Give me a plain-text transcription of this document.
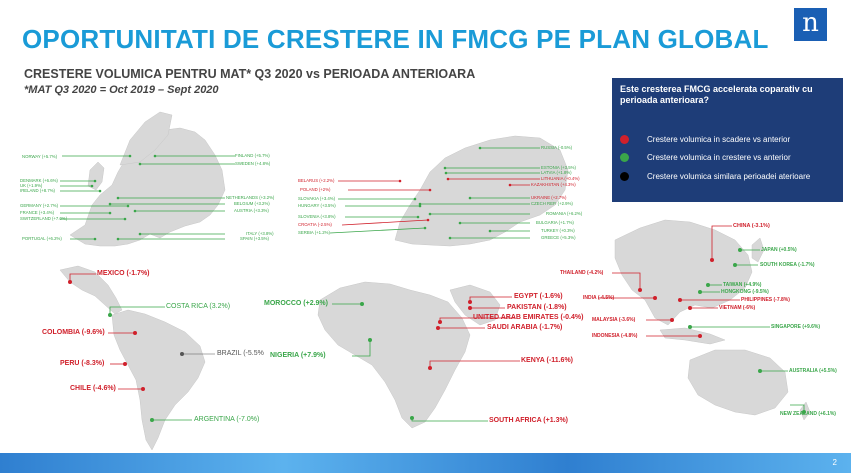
OPORTUNITATI DE CRESTERE IN FMCG PE PLAN GLOBAL
CRESTERE VOLUMICA PENTRU MAT* Q3 2020 vs PERIOADA ANTERIOARA
*MAT Q3 2020 = Oct 2019 – Sept 2020
n
Este cresterea FMCG accelerata coparativ cu perioada anterioara?
Crestere volumica in scadere vs anterior
Crestere volumica in crestere vs anterior
Crestere volumica similara perioadei aterioare
NORWAY (+5.7%)	FINLAND (+5.7%)
SWEDEN (+4.8%)
DENMARK (+6.6%)
UK (+1.9%)
IRELAND (+8.7%)
NETHERLANDS (+3.2%)
BELGIUM (+3.2%)
GERMANY (+2.7%)
AUSTRIA (+3.3%)
FRANCE (+3.4%)
SWITZERLAND (+7.0%)
ITALY (+3.8%)
PORTUGAL (+6.2%)	SPAIN (+3.5%)
RUSSIA (-0.5%)
ESTONIA (+3.5%)
LATVIA (+1.8%)
LITHUANIA (+0.4%)
KAZAKHSTAN (+4.3%)
BELARUS (+2.2%)
POLAND (+2%)
UKRAINE (+2.7%)
CZECH REP. (+2.9%)
SLOVAKIA (+3.4%)
HUNGARY (+3.5%)
ROMANIA (+6.2%)
SLOVENIA (+3.8%)
BULGARIA (+1.7%)
CROATIA (-2.5%)
TURKEY (+0.3%)
SERBIA (+1.2%)
GREECE (+5.3%)
MEXICO (-1.7%)
COSTA RICA (3.2%)
COLOMBIA (-9.6%)
BRAZIL (-5.5%
PERU (-8.3%)
CHILE (-4.6%)
ARGENTINA (-7.0%)
MOROCCO (+2.9%)
NIGERIA (+7.9%)
EGYPT (-1.6%)
PAKISTAN (-1.8%)
UNITED ARAB EMIRATES (-0.4%)
SAUDI ARABIA (-1.7%)
KENYA (-11.6%)
SOUTH AFRICA (+1.3%)
CHINA (-3.1%)
JAPAN (+0.5%)
SOUTH KOREA (-1.7%)
THAILAND (-4.2%)
TAIWAN (+4.9%)
HONGKONG (-9.5%)
INDIA (-4.5%)	PHILIPPINES (-7.8%)
VIETNAM (-6%)
MALAYSIA (-3.6%)
SINGAPORE (+9.6%)
INDONESIA (-4.8%)
AUSTRALIA (+5.5%)
NEW ZEALAND (+6.1%)
2
